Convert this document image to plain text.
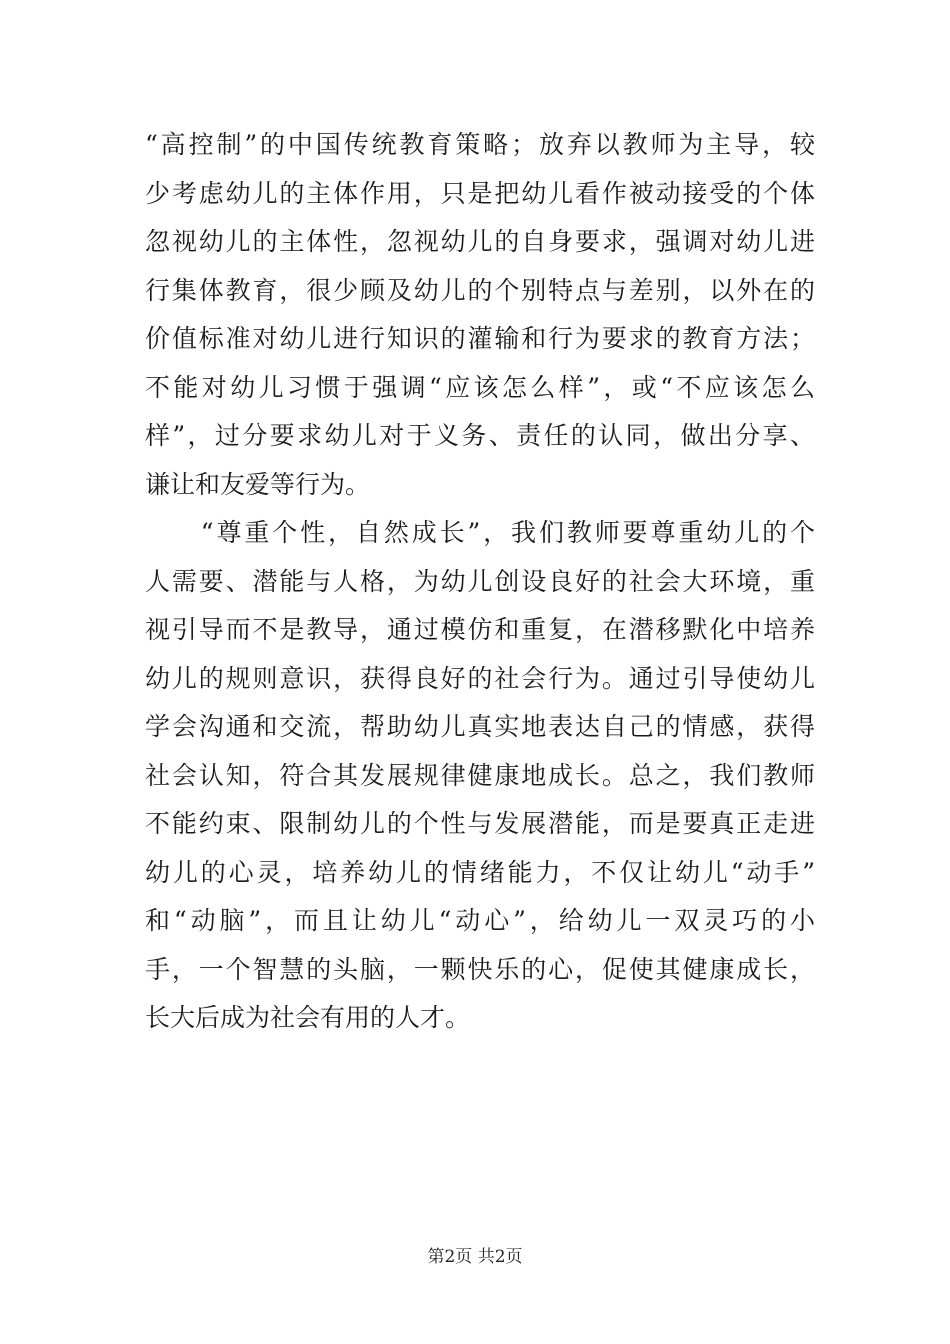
“高控制”的中国传统教育策略；放弃以教师为主导，较
少考虑幼儿的主体作用，只是把幼儿看作被动接受的个体
忽视幼儿的主体性，忽视幼儿的自身要求，强调对幼儿进
行集体教育，很少顾及幼儿的个别特点与差别，以外在的
价值标准对幼儿进行知识的灌输和行为要求的教育方法；
不能对幼儿习惯于强调“应该怎么样”，或“不应该怎么
样”，过分要求幼儿对于义务、责任的认同，做出分享、
谦让和友爱等行为。
　　“尊重个性，自然成长”，我们教师要尊重幼儿的个
人需要、潜能与人格，为幼儿创设良好的社会大环境，重
视引导而不是教导，通过模仿和重复，在潜移默化中培养
幼儿的规则意识，获得良好的社会行为。通过引导使幼儿
学会沟通和交流，帮助幼儿真实地表达自己的情感，获得
社会认知，符合其发展规律健康地成长。总之，我们教师
不能约束、限制幼儿的个性与发展潜能，而是要真正走进
幼儿的心灵，培养幼儿的情绪能力，不仅让幼儿“动手”
和“动脑”，而且让幼儿“动心”，给幼儿一双灵巧的小
手，一个智慧的头脑，一颗快乐的心，促使其健康成长，
长大后成为社会有用的人才。
第2页 共2页
